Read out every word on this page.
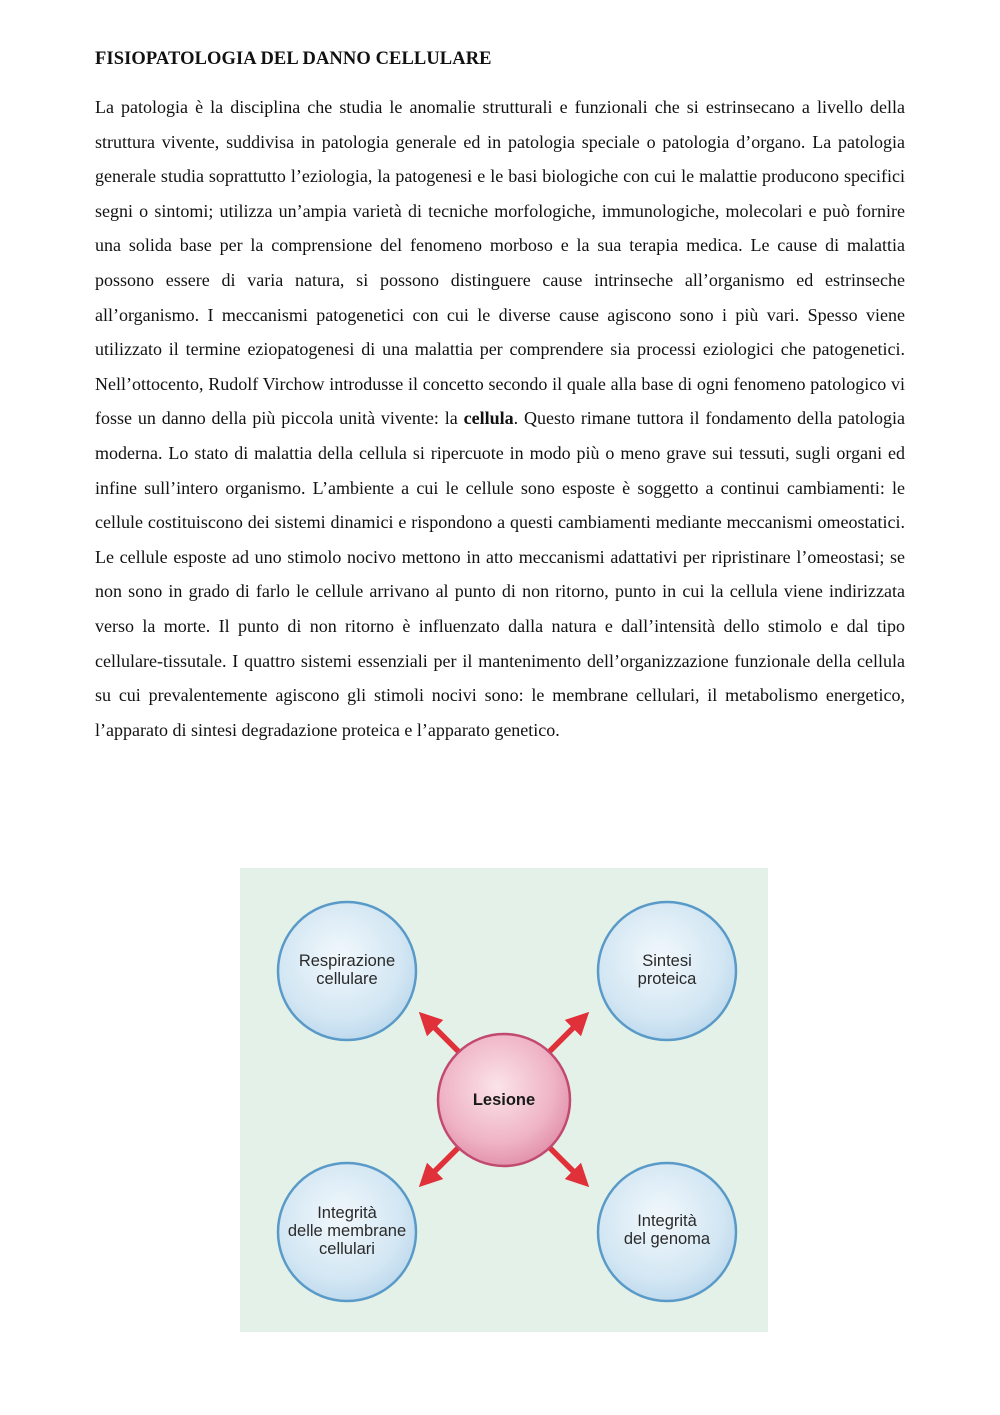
FISIOPATOLOGIA DEL DANNO CELLULARE

La patologia è la disciplina che studia le anomalie strutturali e funzionali che si estrinsecano a livello della struttura vivente, suddivisa in patologia generale ed in patologia speciale o patologia d’organo. La patologia generale studia soprattutto l’eziologia, la patogenesi e le basi biologiche con cui le malattie producono specifici segni o sintomi; utilizza un’ampia varietà di tecniche morfologiche, immunologiche, molecolari e può fornire una solida base per la comprensione del fenomeno morboso e la sua terapia medica. Le cause di malattia possono essere di varia natura, si possono distinguere cause intrinseche all’organismo ed estrinseche all’organismo. I meccanismi patogenetici con cui le diverse cause agiscono sono i più vari. Spesso viene utilizzato il termine eziopatogenesi di una malattia per comprendere sia processi eziologici che patogenetici. Nell’ottocento, Rudolf Virchow introdusse il concetto secondo il quale alla base di ogni fenomeno patologico vi fosse un danno della più piccola unità vivente: la cellula. Questo rimane tuttora il fondamento della patologia moderna. Lo stato di malattia della cellula si ripercuote in modo più o meno grave sui tessuti, sugli organi ed infine sull’intero organismo. L’ambiente a cui le cellule sono esposte è soggetto a continui cambiamenti: le cellule costituiscono dei sistemi dinamici e rispondono a questi cambiamenti mediante meccanismi omeostatici. Le cellule esposte ad uno stimolo nocivo mettono in atto meccanismi adattativi per ripristinare l’omeostasi; se non sono in grado di farlo le cellule arrivano al punto di non ritorno, punto in cui la cellula viene indirizzata verso la morte. Il punto di non ritorno è influenzato dalla natura e dall’intensità dello stimolo e dal tipo cellulare-tissutale. I quattro sistemi essenziali per il mantenimento dell’organizzazione funzionale della cellula su cui prevalentemente agiscono gli stimoli nocivi sono: le membrane cellulari, il metabolismo energetico, l’apparato di sintesi degradazione proteica e l’apparato genetico.

Respirazione
cellulare
Sintesi
proteica
Lesione
Integrità
delle membrane
cellulari
Integrità
del genoma
